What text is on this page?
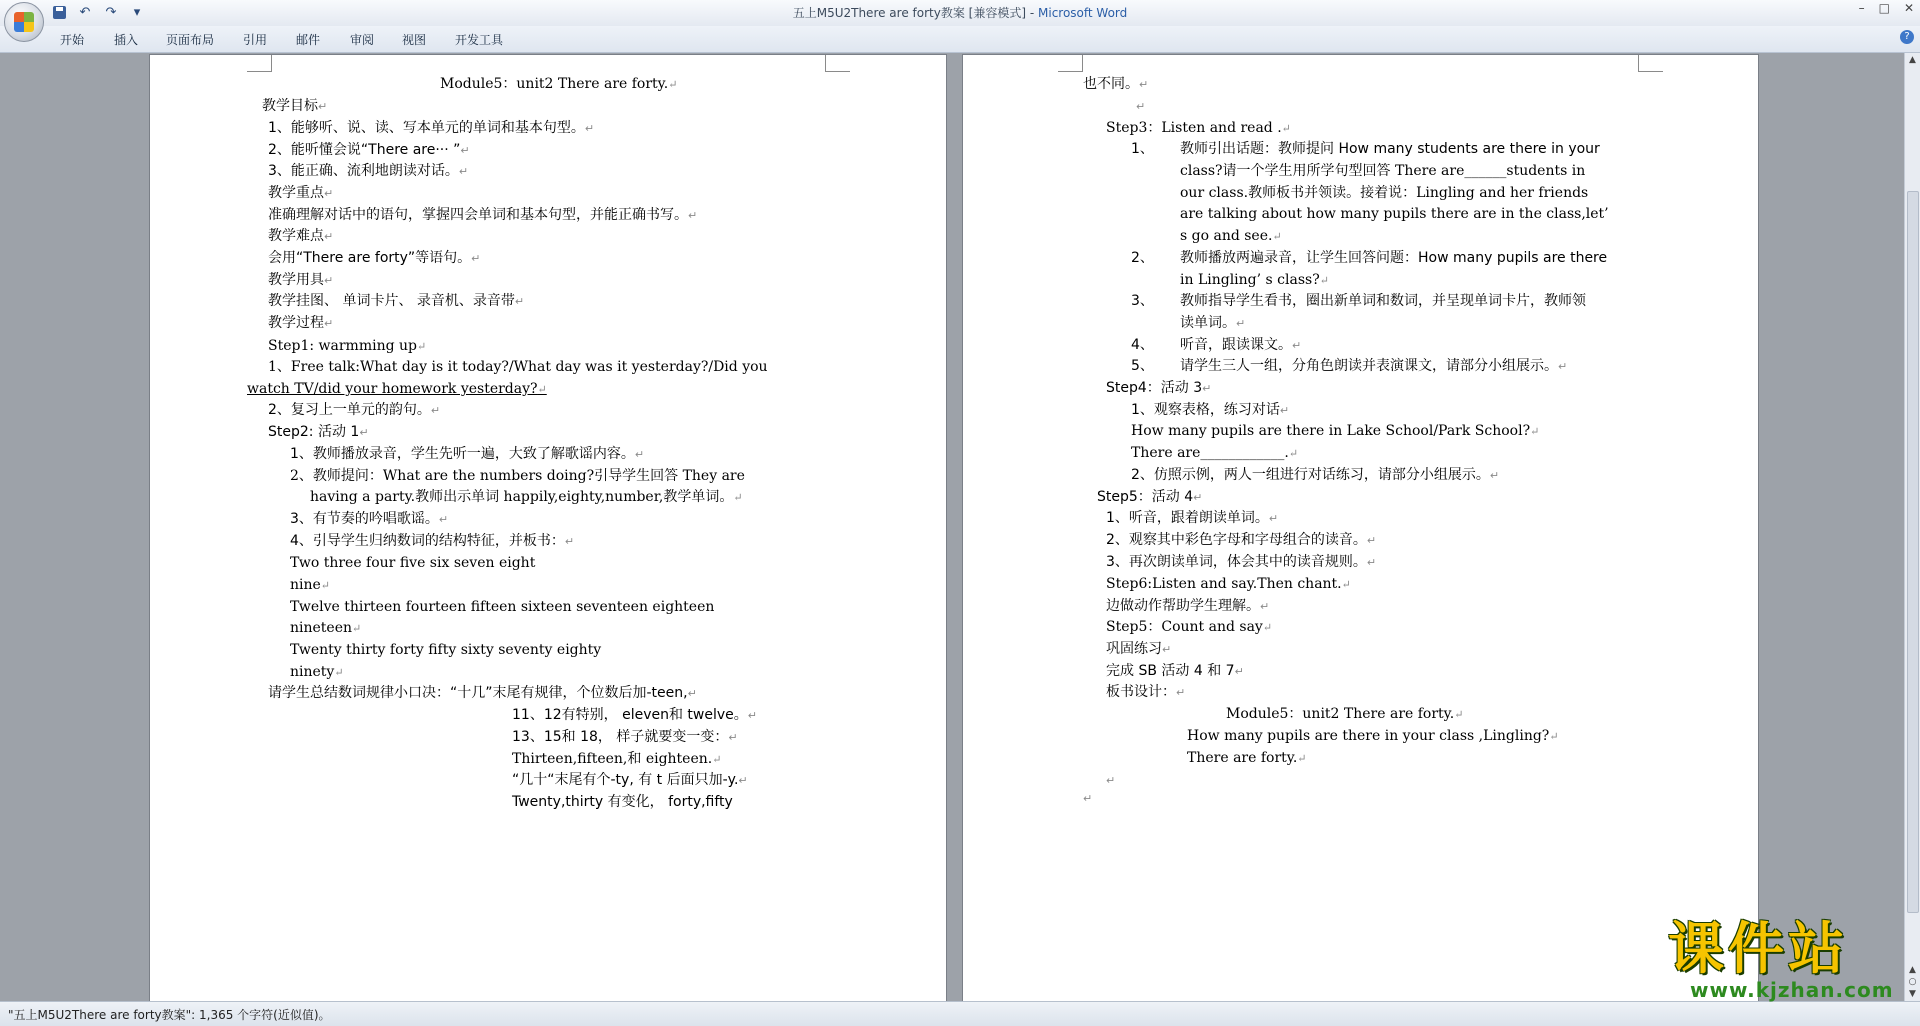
↶ ↷	▾	五上M5U2There are forty教案 [兼容模式] - Microsoft Word	– □ ✕
开始 插入 页面布局 引用 邮件 审阅 视图 开发工具	?
Module5：unit2 There are forty.↵
教学目标↵
1、能够听、说、读、写本单元的单词和基本句型。↵
2、能听懂会说“There are··· ”↵
3、能正确、流利地朗读对话。↵
教学重点↵
准确理解对话中的语句，掌握四会单词和基本句型，并能正确书写。↵
教学难点↵
会用“There are forty”等语句。↵
教学用具↵
教学挂图、 单词卡片、 录音机、录音带↵
教学过程↵
Step1: warmming up↵
1、Free talk:What day is it today?/What day was it yesterday?/Did you
watch TV/did your homework yesterday?↵
2、复习上一单元的韵句。↵
Step2: 活动 1↵
1、教师播放录音，学生先听一遍，大致了解歌谣内容。↵
2、教师提问：What are the numbers doing?引导学生回答 They are
having a party.教师出示单词 happily,eighty,number,教学单词。↵
3、有节奏的吟唱歌谣。↵
4、引导学生归纳数词的结构特征，并板书：↵
Two three four five six seven eight
nine↵
Twelve thirteen fourteen fifteen sixteen seventeen eighteen
nineteen↵
Twenty thirty forty fifty sixty seventy eighty
ninety↵
请学生总结数词规律小口决：“十几”末尾有规律，个位数后加-teen,↵
11、12有特别， eleven和 twelve。↵
13、15和 18， 样子就要变一变：↵
Thirteen,fifteen,和 eighteen.↵
“几十“末尾有个-ty, 有 t 后面只加-y.↵
Twenty,thirty 有变化， forty,fifty
也不同。↵
↵
Step3：Listen and read .↵
1、 教师引出话题：教师提问 How many students are there in your
class?请一个学生用所学句型回答 There are______students in
our class.教师板书并领读。接着说：Lingling and her friends
are talking about how many pupils there are in the class,let’
s go and see.↵
2、 教师播放两遍录音，让学生回答问题：How many pupils are there
in Lingling’ s class?↵
3、 教师指导学生看书，圈出新单词和数词，并呈现单词卡片，教师领
读单词。↵
4、 听音，跟读课文。↵
5、 请学生三人一组，分角色朗读并表演课文，请部分小组展示。↵
Step4：活动 3↵
1、观察表格，练习对话↵
How many pupils are there in Lake School/Park School?↵
There are____________.↵
2、仿照示例，两人一组进行对话练习，请部分小组展示。↵
Step5：活动 4↵
1、听音，跟着朗读单词。↵
2、观察其中彩色字母和字母组合的读音。↵
3、再次朗读单词，体会其中的读音规则。↵
Step6:Listen and say.Then chant.↵
边做动作帮助学生理解。↵
Step5：Count and say↵
巩固练习↵
完成 SB 活动 4 和 7↵
板书设计：↵
Module5：unit2 There are forty.↵
How many pupils are there in your class ,Lingling?↵
There are forty.↵
↵
↵
▲
▲
○
▼
"五上M5U2There are forty教案": 1,365 个字符(近似值)。
课件站
www.kjzhan.com
